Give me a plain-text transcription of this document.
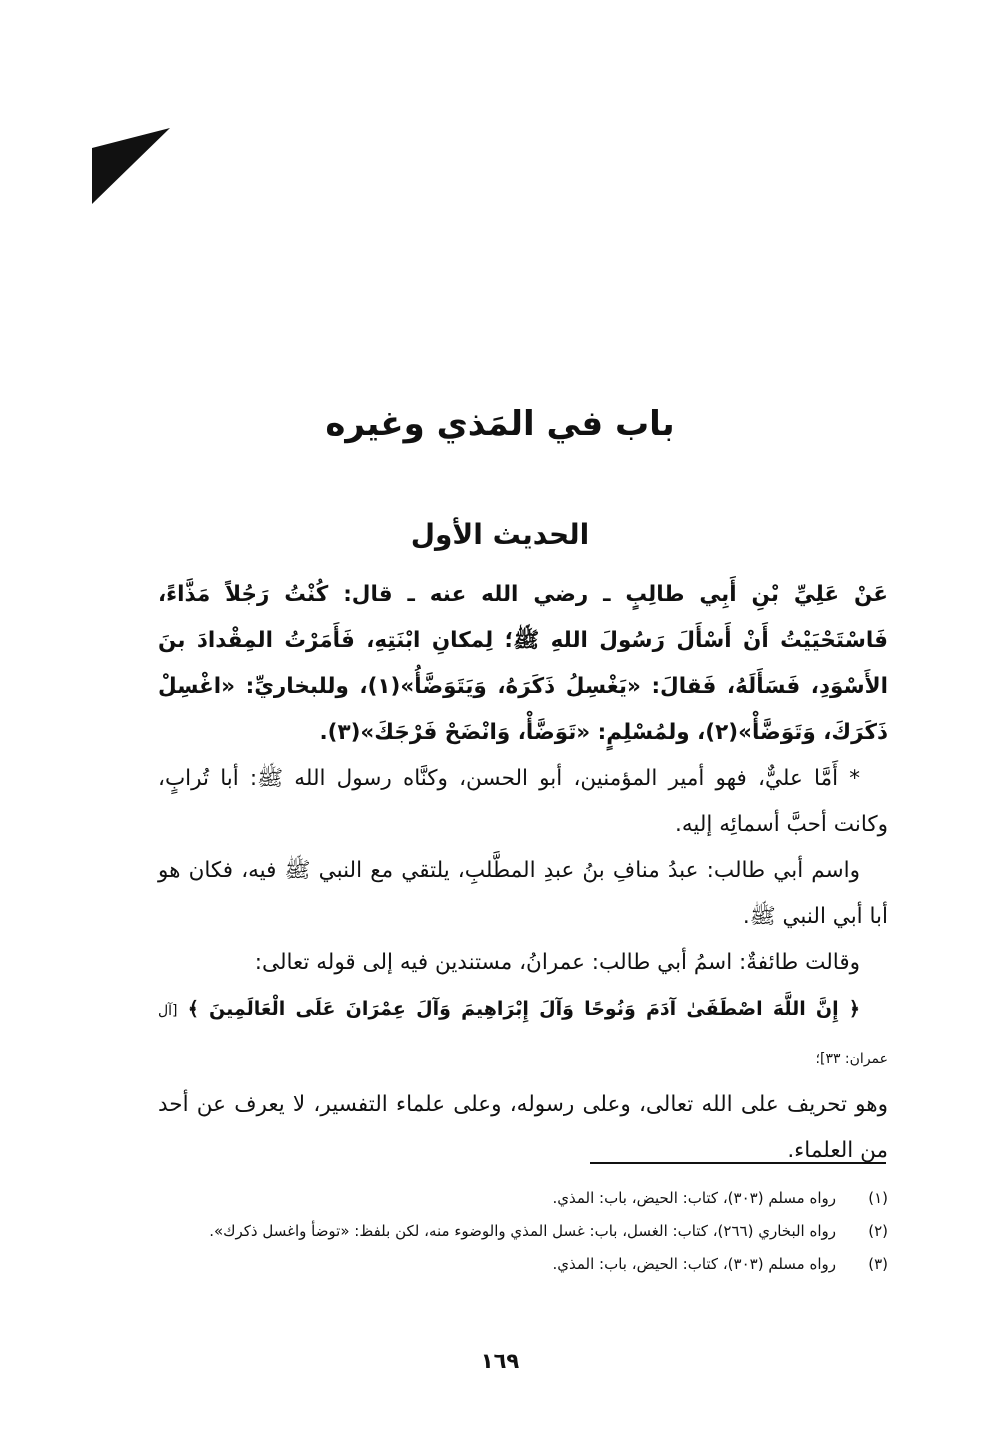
باب في المَذي وغيره
الحديث الأول

عَنْ عَلِيِّ بْنِ أَبِي طالِبٍ ـ رضي الله عنه ـ قال: كُنْتُ رَجُلاً مَذَّاءً، فَاسْتَحْيَيْتُ أَنْ أَسْأَلَ رَسُولَ اللهِ ﷺ؛ لِمكانِ ابْنَتِهِ، فَأَمَرْتُ المِقْدادَ بنَ الأَسْوَدِ، فَسَأَلَهُ، فَقالَ: «يَغْسِلُ ذَكَرَهُ، وَيَتَوَضَّأُ»(١)، وللبخاريِّ: «اغْسِلْ ذَكَرَكَ، وَتَوَضَّأْ»(٢)، ولمُسْلِمٍ: «تَوَضَّأْ، وَانْضَحْ فَرْجَكَ»(٣).

* أَمَّا عليٌّ، فهو أمير المؤمنين، أبو الحسن، وكنَّاه رسول الله ﷺ: أبا تُرابٍ، وكانت أحبَّ أسمائِه إليه.

واسم أبي طالب: عبدُ منافِ بنُ عبدِ المطَّلبِ، يلتقي مع النبي ﷺ فيه، فكان هو أبا أبي النبي ﷺ.

وقالت طائفةٌ: اسمُ أبي طالب: عمرانُ، مستندين فيه إلى قوله تعالى:

﴿ إِنَّ اللَّهَ اصْطَفَىٰ آدَمَ وَنُوحًا وَآلَ إِبْرَاهِيمَ وَآلَ عِمْرَانَ عَلَى الْعَالَمِينَ ﴾ [آل عمران: ٣٣]؛

وهو تحريف على الله تعالى، وعلى رسوله، وعلى علماء التفسير، لا يعرف عن أحد من العلماء.

(١)
رواه مسلم (٣٠٣)، كتاب: الحيض، باب: المذي.
(٢)
رواه البخاري (٢٦٦)، كتاب: الغسل، باب: غسل المذي والوضوء منه، لكن بلفظ: «توضأ واغسل ذكرك».
(٣)
رواه مسلم (٣٠٣)، كتاب: الحيض، باب: المذي.
١٦٩
